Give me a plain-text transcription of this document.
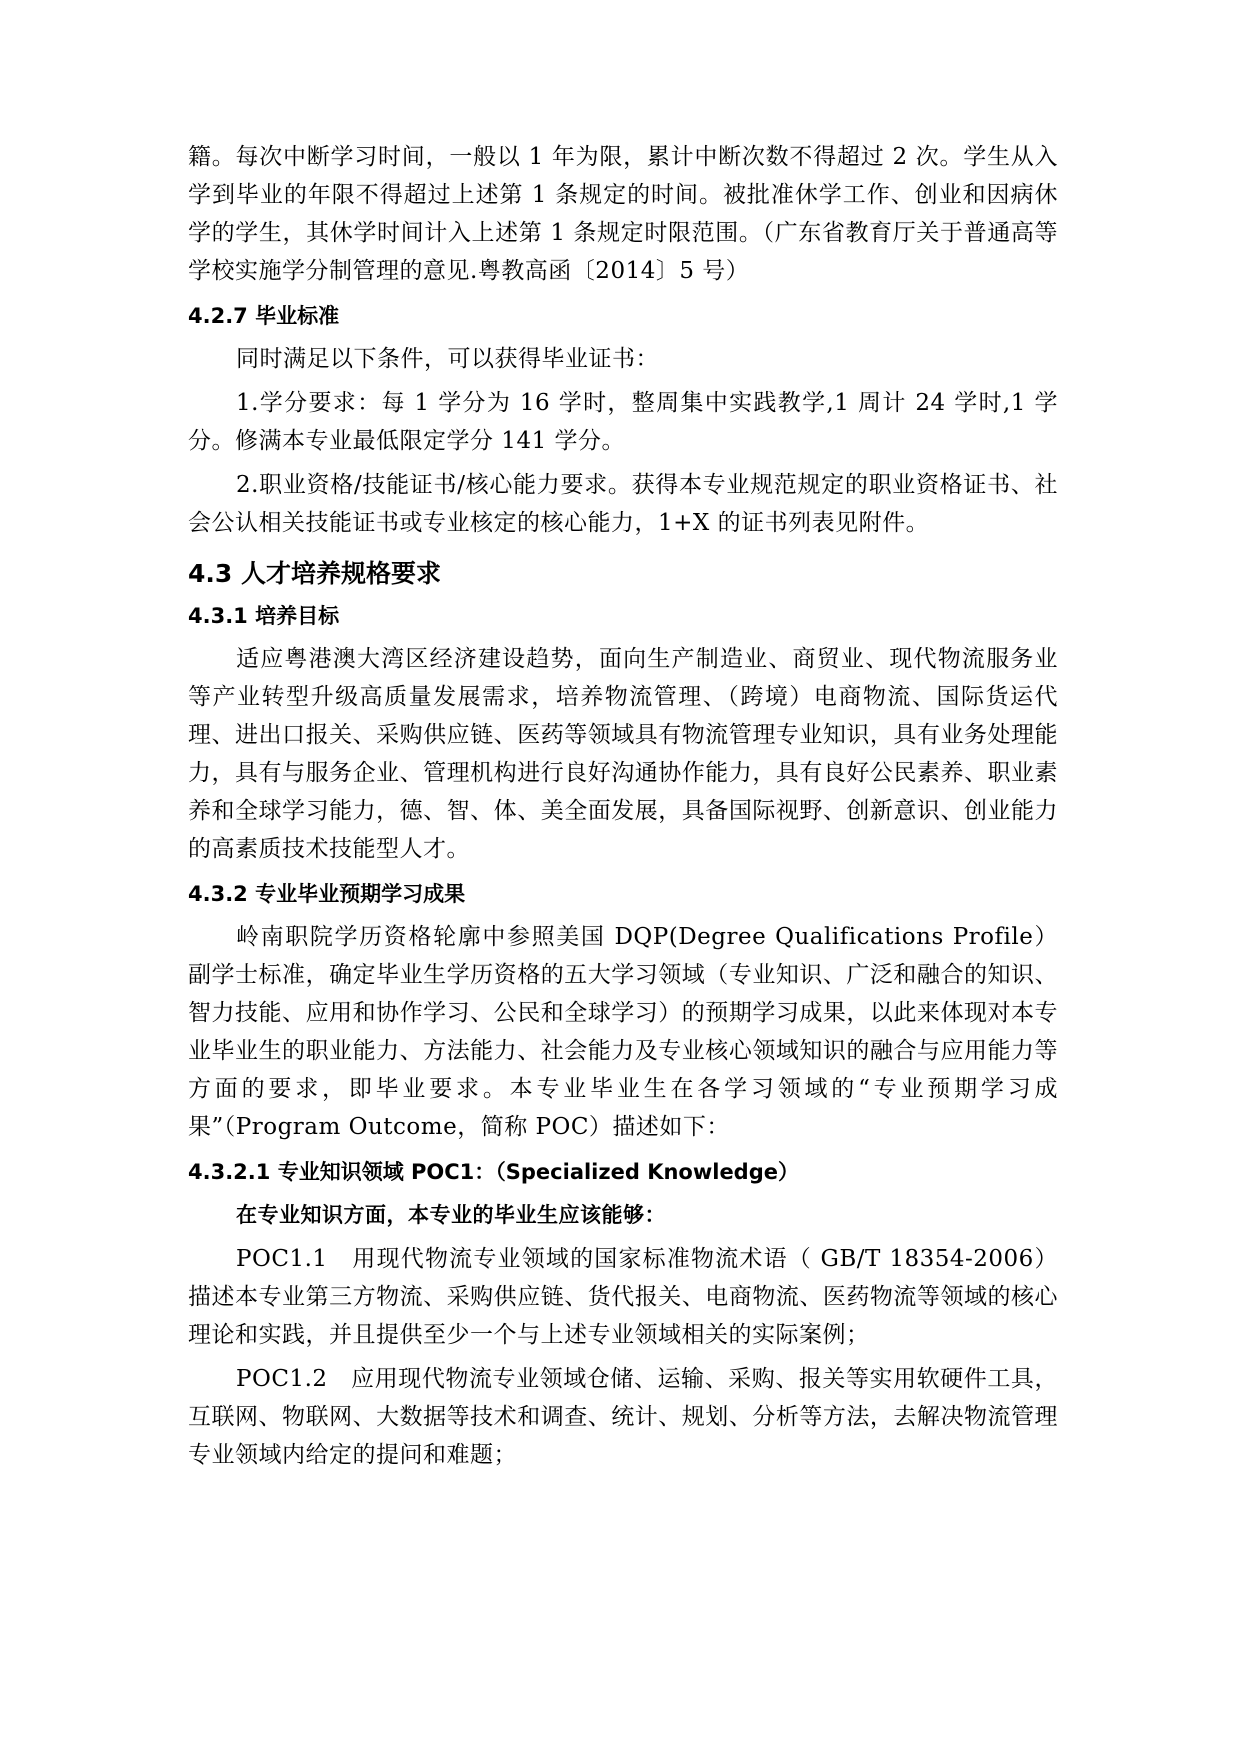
籍。每次中断学习时间，一般以 1 年为限，累计中断次数不得超过 2 次。学生从入学到毕业的年限不得超过上述第 1 条规定的时间。被批准休学工作、创业和因病休学的学生，其休学时间计入上述第 1 条规定时限范围。（广东省教育厅关于普通高等学校实施学分制管理的意见.粤教高函〔2014〕5 号）

4.2.7 毕业标准

同时满足以下条件，可以获得毕业证书：

1.学分要求：每 1 学分为 16 学时，整周集中实践教学,1 周计 24 学时,1 学分。修满本专业最低限定学分 141 学分。

2.职业资格/技能证书/核心能力要求。获得本专业规范规定的职业资格证书、社会公认相关技能证书或专业核定的核心能力，1+X 的证书列表见附件。

4.3 人才培养规格要求
4.3.1 培养目标

适应粤港澳大湾区经济建设趋势，面向生产制造业、商贸业、现代物流服务业等产业转型升级高质量发展需求，培养物流管理、（跨境）电商物流、国际货运代理、进出口报关、采购供应链、医药等领域具有物流管理专业知识，具有业务处理能力，具有与服务企业、管理机构进行良好沟通协作能力，具有良好公民素养、职业素养和全球学习能力，德、智、体、美全面发展，具备国际视野、创新意识、创业能力的高素质技术技能型人才。

4.3.2 专业毕业预期学习成果

岭南职院学历资格轮廓中参照美国 DQP(Degree Qualifications Profile）副学士标准，确定毕业生学历资格的五大学习领域（专业知识、广泛和融合的知识、智力技能、应用和协作学习、公民和全球学习）的预期学习成果，以此来体现对本专业毕业生的职业能力、方法能力、社会能力及专业核心领域知识的融合与应用能力等方面的要求，即毕业要求。本专业毕业生在各学习领域的“专业预期学习成果”（Program Outcome，简称 POC）描述如下：

4.3.2.1 专业知识领域 POC1：（Specialized Knowledge）

在专业知识方面，本专业的毕业生应该能够：

POC1.1　用现代物流专业领域的国家标准物流术语（ GB/T 18354-2006）描述本专业第三方物流、采购供应链、货代报关、电商物流、医药物流等领域的核心理论和实践，并且提供至少一个与上述专业领域相关的实际案例；

POC1.2　应用现代物流专业领域仓储、运输、采购、报关等实用软硬件工具，互联网、物联网、大数据等技术和调查、统计、规划、分析等方法，去解决物流管理专业领域内给定的提问和难题；
